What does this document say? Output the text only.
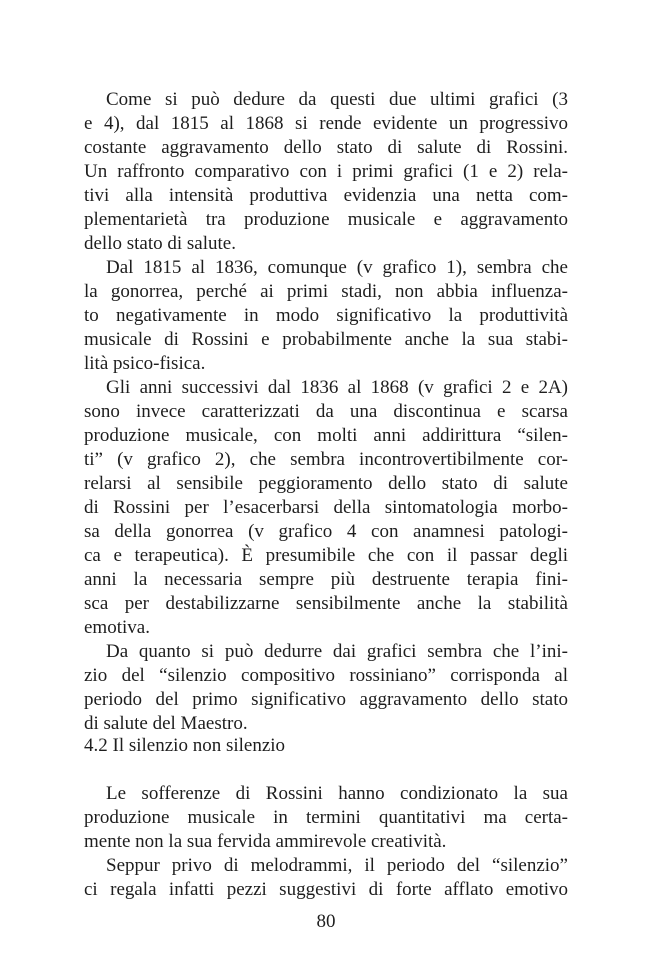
Come si può dedure da questi due ultimi grafici (3
e 4), dal 1815 al 1868 si rende evidente un progressivo
costante aggravamento dello stato di salute di Rossini.
Un raffronto comparativo con i primi grafici (1 e 2) rela-
tivi alla intensità produttiva evidenzia una netta com-
plementarietà tra produzione musicale e aggravamento
dello stato di salute.
Dal 1815 al 1836, comunque (v grafico 1), sembra che
la gonorrea, perché ai primi stadi, non abbia influenza-
to negativamente in modo significativo la produttività
musicale di Rossini e probabilmente anche la sua stabi-
lità psico-fisica.
Gli anni successivi dal 1836 al 1868 (v grafici 2 e 2A)
sono invece caratterizzati da una discontinua e scarsa
produzione musicale, con molti anni addirittura “silen-
ti” (v grafico 2), che sembra incontrovertibilmente cor-
relarsi al sensibile peggioramento dello stato di salute
di Rossini per l’esacerbarsi della sintomatologia morbo-
sa della gonorrea (v grafico 4 con anamnesi patologi-
ca e terapeutica). È presumibile che con il passar degli
anni la necessaria sempre più destruente terapia fini-
sca per destabilizzarne sensibilmente anche la stabilità
emotiva.
Da quanto si può dedurre dai grafici sembra che l’ini-
zio del “silenzio compositivo rossiniano” corrisponda al
periodo del primo significativo aggravamento dello stato
di salute del Maestro.
4.2 Il silenzio non silenzio
Le sofferenze di Rossini hanno condizionato la sua
produzione musicale in termini quantitativi ma certa-
mente non la sua fervida ammirevole creatività.
Seppur privo di melodrammi, il periodo del “silenzio”
ci regala infatti pezzi suggestivi di forte afflato emotivo
80
